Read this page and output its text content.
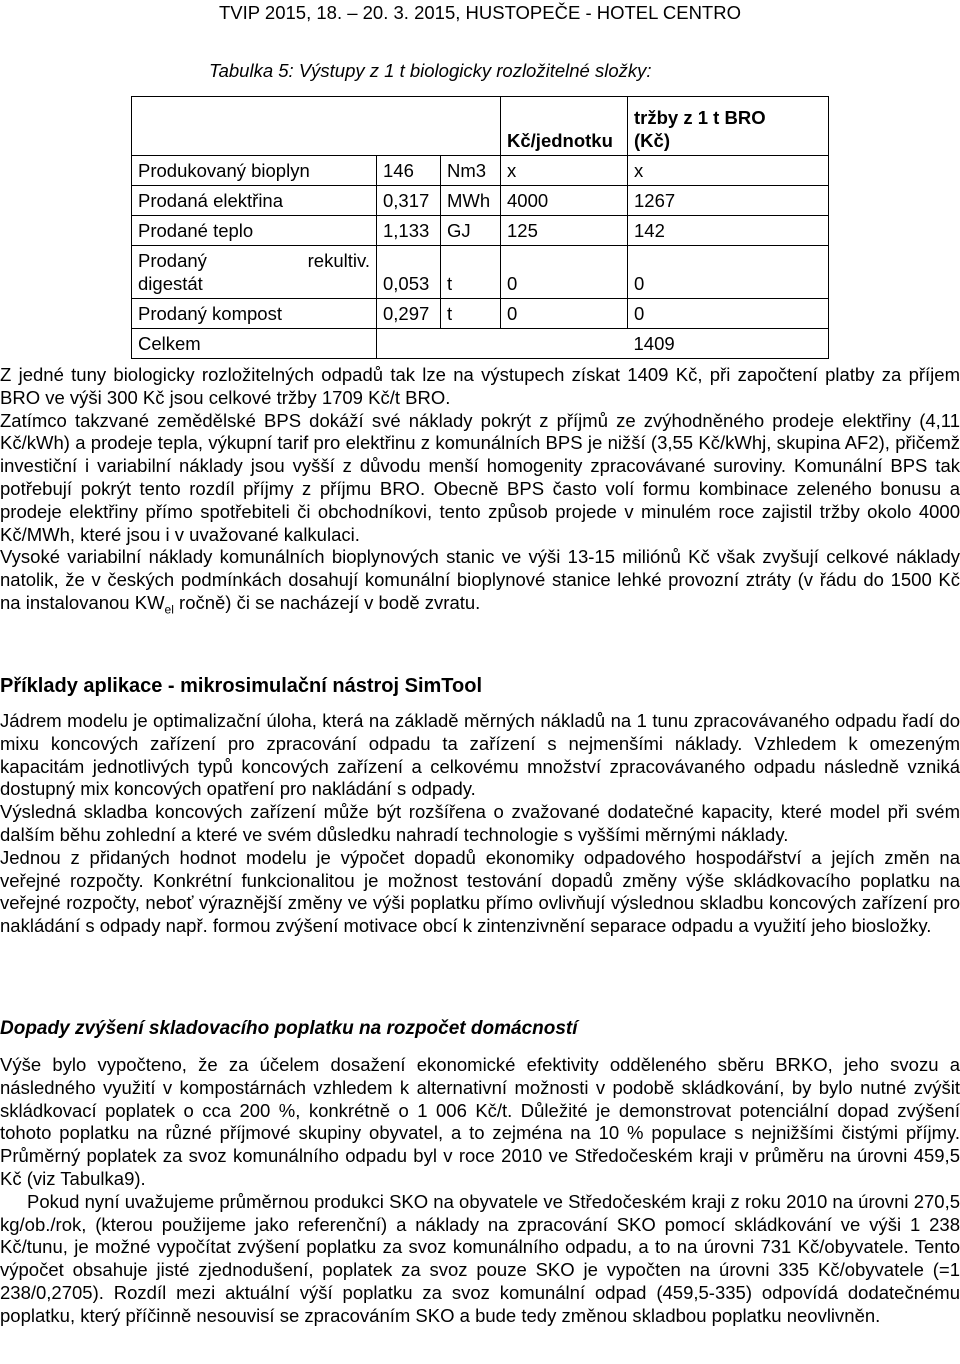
TVIP 2015, 18. – 20. 3. 2015, HUSTOPEČE - HOTEL CENTRO
Tabulka 5: Výstupy z 1 t biologicky rozložitelné složky:
			Kč/jednotku	tržby z 1 t BRO
(Kč)

Produkovaný bioplyn	146	Nm3	x	x
Prodaná elektřina	0,317	MWh	4000	1267
Prodané teplo	1,133	GJ	125	142

Prodaný rekultiv.
digestát	0,053	t	0	0
Prodaný kompost	0,297	t	0	0
Celkem				1409

Z jedné tuny biologicky rozložitelných odpadů tak lze na výstupech získat 1409 Kč, při započtení platby za příjem BRO ve výši 300 Kč jsou celkové tržby 1709 Kč/t BRO.

Zatímco takzvané zemědělské BPS dokáží své náklady pokrýt z příjmů ze zvýhodněného prodeje elektřiny (4,11 Kč/kWh) a prodeje tepla, výkupní tarif pro elektřinu z komunálních BPS je nižší (3,55 Kč/kWhj, skupina AF2), přičemž investiční i variabilní náklady jsou vyšší z důvodu menší homogenity zpracovávané suroviny. Komunální BPS tak potřebují pokrýt tento rozdíl příjmy z příjmu BRO. Obecně BPS často volí formu kombinace zeleného bonusu a prodeje elektřiny přímo spotřebiteli či obchodníkovi, tento způsob projede v minulém roce zajistil tržby okolo 4000 Kč/MWh, které jsou i v uvažované kalkulaci.

Vysoké variabilní náklady komunálních bioplynových stanic ve výši 13-15 miliónů Kč však zvyšují celkové náklady natolik, že v českých podmínkách dosahují komunální bioplynové stanice lehké provozní ztráty (v řádu do 1500 Kč na instalovanou $KW_{el}$ ročně) či se nacházejí v bodě zvratu.

Příklady aplikace - mikrosimulační nástroj SimTool

Jádrem modelu je optimalizační úloha, která na základě měrných nákladů na 1 tunu zpracovávaného odpadu řadí do mixu koncových zařízení pro zpracování odpadu ta zařízení s nejmenšími náklady. Vzhledem k omezeným kapacitám jednotlivých typů koncových zařízení a celkovému množství zpracovávaného odpadu následně vzniká dostupný mix koncových opatření pro nakládání s odpady.

Výsledná skladba koncových zařízení může být rozšířena o zvažované dodatečné kapacity, které model při svém dalším běhu zohlední a které ve svém důsledku nahradí technologie s vyššími měrnými náklady.

Jednou z přidaných hodnot modelu je výpočet dopadů ekonomiky odpadového hospodářství a jejích změn na veřejné rozpočty. Konkrétní funkcionalitou je možnost testování dopadů změny výše skládkovacího poplatku na veřejné rozpočty, neboť výraznější změny ve výši poplatku přímo ovlivňují výslednou skladbu koncových zařízení pro nakládání s odpady např. formou zvýšení motivace obcí k zintenzivnění separace odpadu a využití jeho biosložky.

Dopady zvýšení skladovacího poplatku na rozpočet domácností

Výše bylo vypočteno, že za účelem dosažení ekonomické efektivity odděleného sběru BRKO, jeho svozu a následného využití v kompostárnách vzhledem k alternativní možnosti v podobě skládkování, by bylo nutné zvýšit skládkovací poplatek o cca 200 %, konkrétně o 1 006 Kč/t. Důležité je demonstrovat potenciální dopad zvýšení tohoto poplatku na různé příjmové skupiny obyvatel, a to zejména na 10 % populace s nejnižšími čistými příjmy. Průměrný poplatek za svoz komunálního odpadu byl v roce 2010 ve Středočeském kraji v průměru na úrovni 459,5 Kč (viz Tabulka9).

Pokud nyní uvažujeme průměrnou produkci SKO na obyvatele ve Středočeském kraji z roku 2010 na úrovni 270,5 kg/ob./rok, (kterou použijeme jako referenční) a náklady na zpracování SKO pomocí skládkování ve výši 1 238 Kč/tunu, je možné vypočítat zvýšení poplatku za svoz komunálního odpadu, a to na úrovni 731 Kč/obyvatele. Tento výpočet obsahuje jisté zjednodušení, poplatek za svoz pouze SKO je vypočten na úrovni 335 Kč/obyvatele (=1 238/0,2705). Rozdíl mezi aktuální výší poplatku za svoz komunální odpad (459,5-335) odpovídá dodatečnému poplatku, který příčinně nesouvisí se zpracováním SKO a bude tedy změnou skladbou poplatku neovlivněn.
